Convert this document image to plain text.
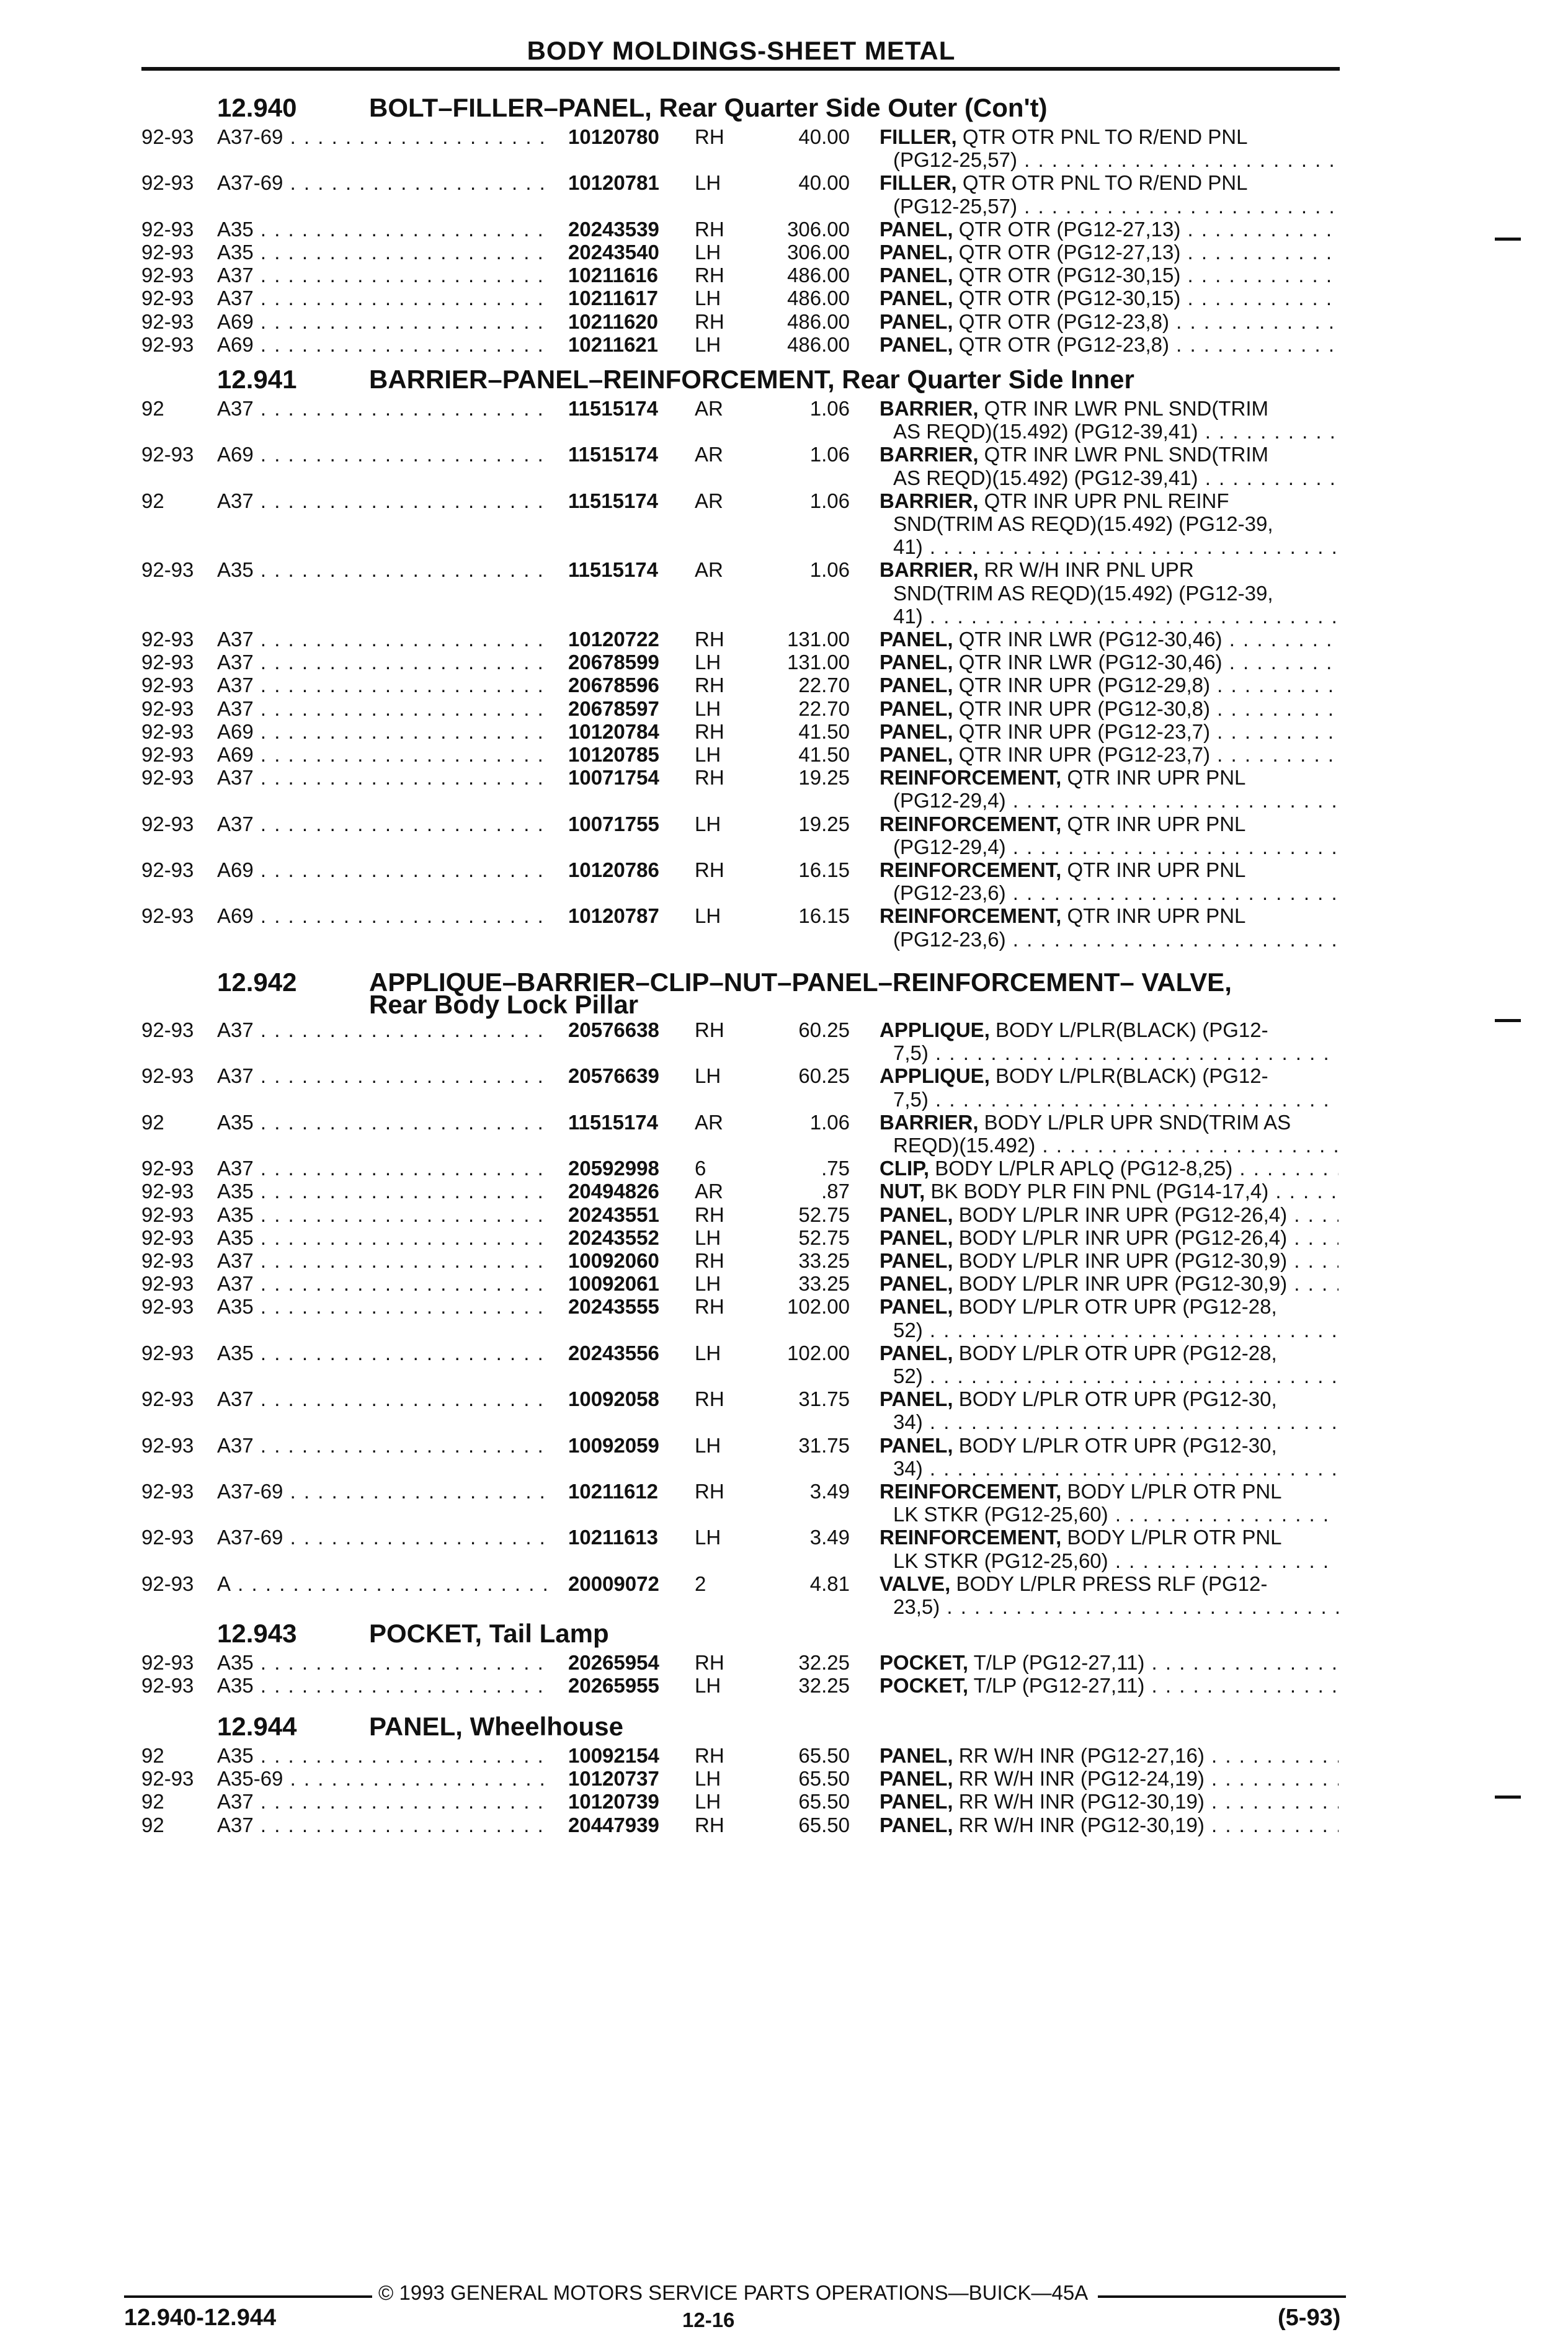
BODY MOLDINGS-SHEET METAL
12.940	BOLT–FILLER–PANEL, Rear Quarter Side Outer (Con't)
92-93 A37-69 . . .	10120780 RH	40.00 FILLER, QTR OTR PNL TO R/END PNL
(PG12-25,57) . . .
92-93 A37-69 . . .	10120781 LH	40.00 FILLER, QTR OTR PNL TO R/END PNL
(PG12-25,57) . . .
92-93 A35 . . .	20243539 RH	306.00 PANEL, QTR OTR (PG12-27,13) . . .
92-93 A35 . . .	20243540 LH	306.00 PANEL, QTR OTR (PG12-27,13) . . .
92-93 A37 . . .	10211616 RH	486.00 PANEL, QTR OTR (PG12-30,15) . . .
92-93 A37 . . .	10211617 LH	486.00 PANEL, QTR OTR (PG12-30,15) . . .
92-93 A69 . . .	10211620 RH	486.00 PANEL, QTR OTR (PG12-23,8) . . .
92-93 A69 . . .	10211621 LH	486.00 PANEL, QTR OTR (PG12-23,8) . . .
12.941	BARRIER–PANEL–REINFORCEMENT, Rear Quarter Side Inner
92	A37 . . .	11515174 AR	1.06 BARRIER, QTR INR LWR PNL SND(TRIM
AS REQD)(15.492) (PG12-39,41) . . .
92-93 A69 . . .	11515174 AR	1.06 BARRIER, QTR INR LWR PNL SND(TRIM
AS REQD)(15.492) (PG12-39,41) . . .
92	A37 . . .	11515174 AR	1.06 BARRIER, QTR INR UPR PNL REINF
SND(TRIM AS REQD)(15.492) (PG12-39,
41) . . .
92-93 A35 . . .	11515174 AR	1.06 BARRIER, RR W/H INR PNL UPR
SND(TRIM AS REQD)(15.492) (PG12-39,
41) . . .
92-93 A37 . . .	10120722 RH	131.00 PANEL, QTR INR LWR (PG12-30,46) . . .
92-93 A37 . . .	20678599 LH	131.00 PANEL, QTR INR LWR (PG12-30,46) . . .
92-93 A37 . . .	20678596 RH	22.70 PANEL, QTR INR UPR (PG12-29,8) . . .
92-93 A37 . . .	20678597 LH	22.70 PANEL, QTR INR UPR (PG12-30,8) . . .
92-93 A69 . . .	10120784 RH	41.50 PANEL, QTR INR UPR (PG12-23,7) . . .
92-93 A69 . . .	10120785 LH	41.50 PANEL, QTR INR UPR (PG12-23,7) . . .
92-93 A37 . . .	10071754 RH	19.25 REINFORCEMENT, QTR INR UPR PNL
(PG12-29,4) . . .
92-93 A37 . . .	10071755 LH	19.25 REINFORCEMENT, QTR INR UPR PNL
(PG12-29,4) . . .
92-93 A69 . . .	10120786 RH	16.15 REINFORCEMENT, QTR INR UPR PNL
(PG12-23,6) . . .
92-93 A69 . . .	10120787 LH	16.15 REINFORCEMENT, QTR INR UPR PNL
(PG12-23,6) . . .
12.942	APPLIQUE–BARRIER–CLIP–NUT–PANEL–REINFORCEMENT– VALVE,
Rear Body Lock Pillar
92-93 A37 . . .	20576638 RH	60.25 APPLIQUE, BODY L/PLR(BLACK) (PG12-
7,5) . . .
92-93 A37 . . .	20576639 LH	60.25 APPLIQUE, BODY L/PLR(BLACK) (PG12-
7,5) . . .
92	A35 . . .	11515174 AR	1.06 BARRIER, BODY L/PLR UPR SND(TRIM AS
REQD)(15.492) . . .
92-93 A37 . . .	20592998 6	.75 CLIP, BODY L/PLR APLQ (PG12-8,25) . . .
92-93 A35 . . .	20494826 AR	.87 NUT, BK BODY PLR FIN PNL (PG14-17,4) . . .
92-93 A35 . . .	20243551 RH	52.75 PANEL, BODY L/PLR INR UPR (PG12-26,4) . . .
92-93 A35 . . .	20243552 LH	52.75 PANEL, BODY L/PLR INR UPR (PG12-26,4) . . .
92-93 A37 . . .	10092060 RH	33.25 PANEL, BODY L/PLR INR UPR (PG12-30,9) . . .
92-93 A37 . . .	10092061 LH	33.25 PANEL, BODY L/PLR INR UPR (PG12-30,9) . . .
92-93 A35 . . .	20243555 RH	102.00 PANEL, BODY L/PLR OTR UPR (PG12-28,
52) . . .
92-93 A35 . . .	20243556 LH	102.00 PANEL, BODY L/PLR OTR UPR (PG12-28,
52) . . .
92-93 A37 . . .	10092058 RH	31.75 PANEL, BODY L/PLR OTR UPR (PG12-30,
34) . . .
92-93 A37 . . .	10092059 LH	31.75 PANEL, BODY L/PLR OTR UPR (PG12-30,
34) . . .
92-93 A37-69 . . .	10211612 RH	3.49 REINFORCEMENT, BODY L/PLR OTR PNL
LK STKR (PG12-25,60) . . .
92-93 A37-69 . . .	10211613 LH	3.49 REINFORCEMENT, BODY L/PLR OTR PNL
LK STKR (PG12-25,60) . . .
92-93 A . . .	20009072 2	4.81 VALVE, BODY L/PLR PRESS RLF (PG12-
23,5) . . .
12.943	POCKET, Tail Lamp
92-93 A35 . . .	20265954 RH	32.25 POCKET, T/LP (PG12-27,11) . . .
92-93 A35 . . .	20265955 LH	32.25 POCKET, T/LP (PG12-27,11) . . .
12.944	PANEL, Wheelhouse
92	A35 . . .	10092154 RH	65.50 PANEL, RR W/H INR (PG12-27,16) . . .
92-93 A35-69 . . .	10120737 LH	65.50 PANEL, RR W/H INR (PG12-24,19) . . .
92	A37 . . .	10120739 LH	65.50 PANEL, RR W/H INR (PG12-30,19) . . .
92	A37 . . .	20447939 RH	65.50 PANEL, RR W/H INR (PG12-30,19) . . .
© 1993 GENERAL MOTORS SERVICE PARTS OPERATIONS—BUICK—45A
12.940-12.944	12-16	(5-93)
